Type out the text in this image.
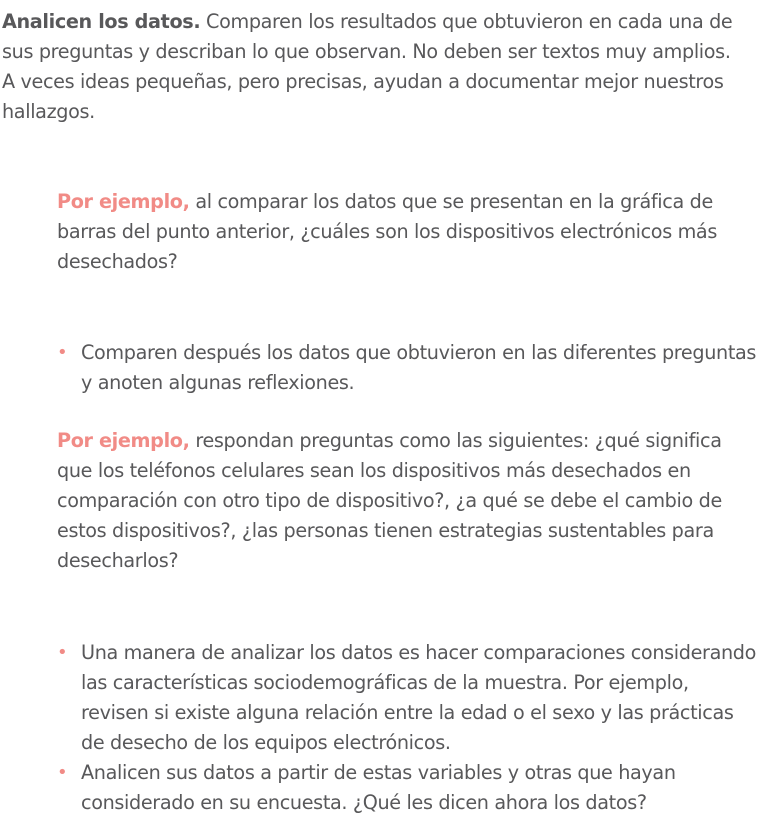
Analicen los datos. Comparen los resultados que obtuvieron en cada una de sus preguntas y describan lo que observan. No deben ser textos muy amplios. A veces ideas pequeñas, pero precisas, ayudan a documentar mejor nuestros hallazgos.

Por ejemplo, al comparar los datos que se presentan en la gráfica de barras del punto anterior, ¿cuáles son los dispositivos electrónicos más desechados?

• Comparen después los datos que obtuvieron en las diferentes preguntas y anoten algunas reflexiones.

Por ejemplo, respondan preguntas como las siguientes: ¿qué significa que los teléfonos celulares sean los dispositivos más desechados en comparación con otro tipo de dispositivo?, ¿a qué se debe el cambio de estos dispositivos?, ¿las personas tienen estrategias sustentables para desecharlos?

• Una manera de analizar los datos es hacer comparaciones considerando las características sociodemográficas de la muestra. Por ejemplo, revisen si existe alguna relación entre la edad o el sexo y las prácticas de desecho de los equipos electrónicos.
• Analicen sus datos a partir de estas variables y otras que hayan considerado en su encuesta. ¿Qué les dicen ahora los datos?
